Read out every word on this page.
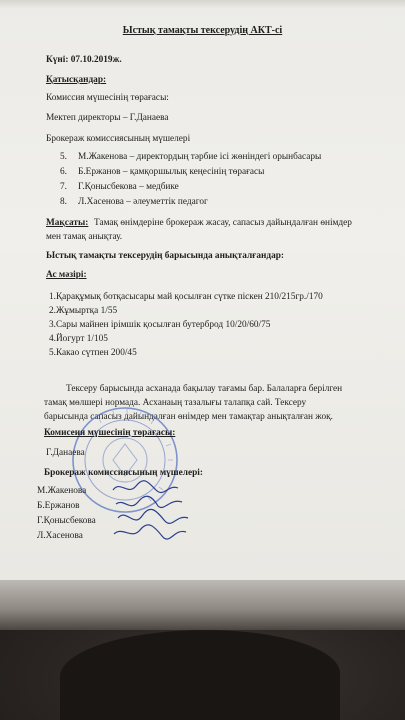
Ыстық тамақты тексерудің АКТ-сі
Күні: 07.10.2019ж.
Қатысқандар:
Комиссия мүшесінің төрағасы:
Мектеп директоры – Г.Данаева
Брокераж комиссиясының мүшелері
5. М.Жакенова – директордың тәрбие ісі жөніндегі орынбасары
6. Б.Ержанов – қамқоршылық кеңесінің төрағасы
7. Г.Қонысбекова – медбике
8. Л.Хасенова – әлеуметтік педагог
Мақсаты: Тамақ өнімдеріне брокераж жасау, сапасыз дайындалған өнімдер
мен тамақ анықтау.
Ыстық тамақты тексерудің барысында анықталғандар:
Ас мәзірі:
1.Қарақұмық ботқасысары май қосылған сүтке піскен 210/215гр./170
2.Жұмыртқа 1/55
3.Сары майнен ірімшік қосылған бутерброд 10/20/60/75
4.Йогурт 1/105
5.Какао сүтпен 200/45
Тексеру барысында асханада бақылау тағамы бар. Балаларға берілген
тамақ мөлшері нормада. Асханаың тазалығы талапқа сай. Тексеру
барысында сапасыз дайындалған өнімдер мен тамақтар анықталған жоқ.
Комисеия мүшесінің төрағасы:
Г.Данаева
Брокераж комиссиясының мүшелері:
М.Жакенова
Б.Ержанов
Г.Қонысбекова
Л.Хасенова
